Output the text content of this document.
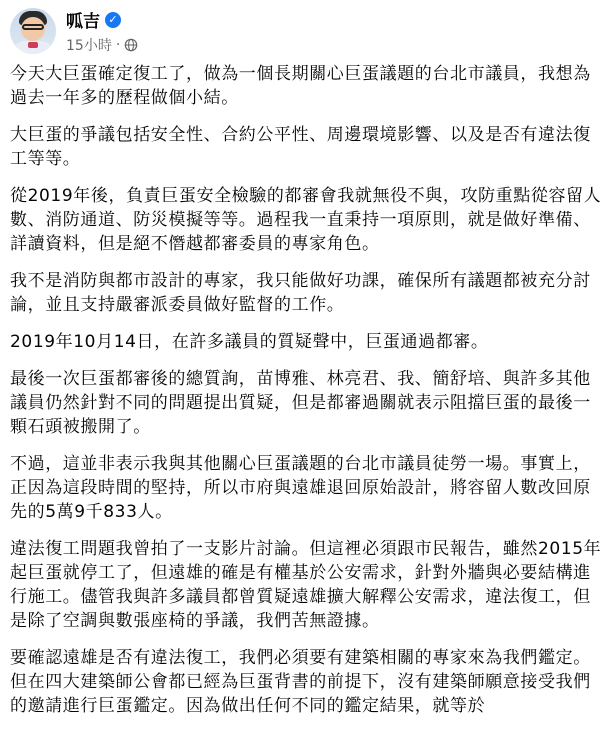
呱吉 ✓
15小時 ·

今天大巨蛋確定復工了，做為一個長期關心巨蛋議題的台北市議員，我想為過去一年多的歷程做個小結。

大巨蛋的爭議包括安全性、合約公平性、周邊環境影響、以及是否有違法復工等等。

從2019年後，負責巨蛋安全檢驗的都審會我就無役不與，攻防重點從容留人數、消防通道、防災模擬等等。過程我一直秉持一項原則，就是做好準備、詳讀資料，但是絕不僭越都審委員的專家角色。

我不是消防與都市設計的專家，我只能做好功課，確保所有議題都被充分討論，並且支持嚴審派委員做好監督的工作。

2019年10月14日，在許多議員的質疑聲中，巨蛋通過都審。

最後一次巨蛋都審後的總質詢，苗博雅、林亮君、我、簡舒培、與許多其他議員仍然針對不同的問題提出質疑，但是都審過關就表示阻擋巨蛋的最後一顆石頭被搬開了。

不過，這並非表示我與其他關心巨蛋議題的台北市議員徒勞一場。事實上，正因為這段時間的堅持，所以市府與遠雄退回原始設計，將容留人數改回原先的5萬9千833人。

違法復工問題我曾拍了一支影片討論。但這裡必須跟市民報告，雖然2015年起巨蛋就停工了，但遠雄的確是有權基於公安需求，針對外牆與必要結構進行施工。儘管我與許多議員都曾質疑遠雄擴大解釋公安需求，違法復工，但是除了空調與數張座椅的爭議，我們苦無證據。

要確認遠雄是否有違法復工，我們必須要有建築相關的專家來為我們鑑定。但在四大建築師公會都已經為巨蛋背書的前提下，沒有建築師願意接受我們的邀請進行巨蛋鑑定。因為做出任何不同的鑑定結果，就等於
